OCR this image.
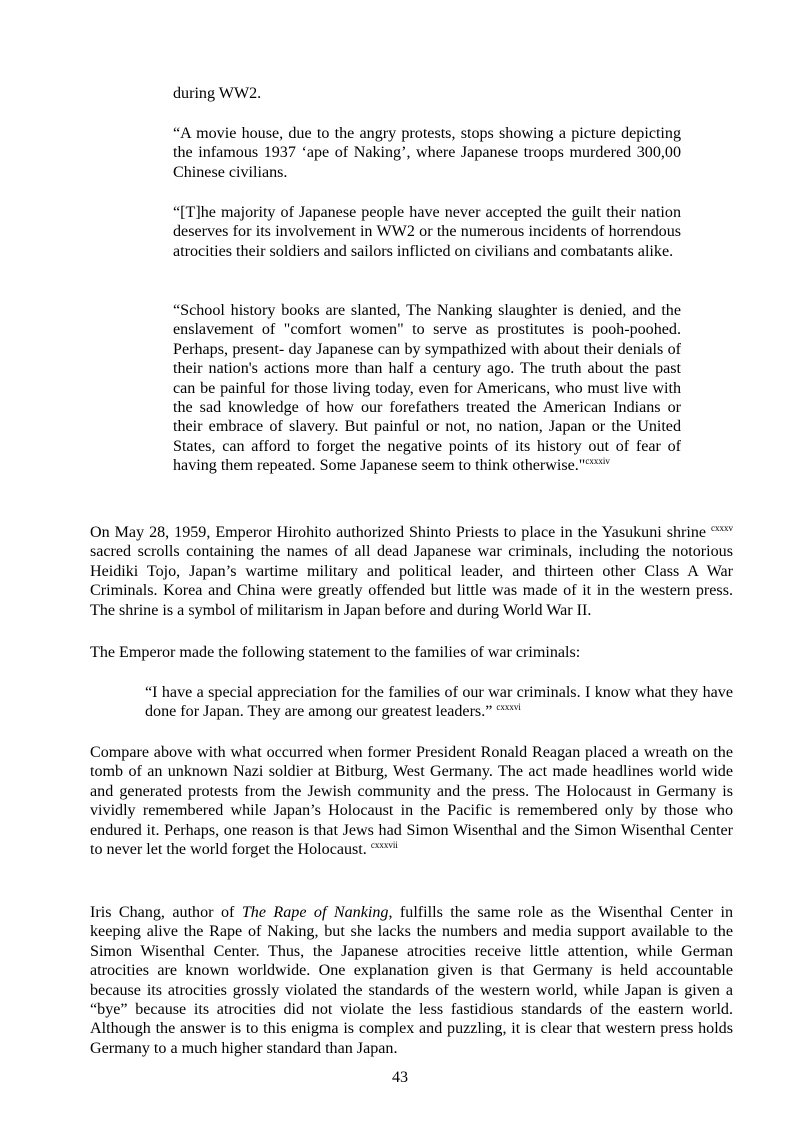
during WW2.

“A movie house, due to the angry protests, stops showing a picture depicting the infamous 1937 ‘ape of Naking’, where Japanese troops murdered 300,00 Chinese civilians.

“[T]he majority of Japanese people have never accepted the guilt their nation deserves for its involvement in WW2 or the numerous incidents of horrendous atrocities their soldiers and sailors inflicted on civilians and combatants alike.

“School history books are slanted, The Nanking slaughter is denied, and the enslavement of "comfort women" to serve as prostitutes is pooh-poohed. Perhaps, present- day Japanese can by sympathized with about their denials of their nation's actions more than half a century ago. The truth about the past can be painful for those living today, even for Americans, who must live with the sad knowledge of how our forefathers treated the American Indians or their embrace of slavery. But painful or not, no nation, Japan or the United States, can afford to forget the negative points of its history out of fear of having them repeated. Some Japanese seem to think otherwise."$^{cxxxiv}$

On May 28, 1959, Emperor Hirohito authorized Shinto Priests to place in the Yasukuni shrine $^{cxxxv}$ sacred scrolls containing the names of all dead Japanese war criminals, including the notorious Heidiki Tojo, Japan’s wartime military and political leader, and thirteen other Class A War Criminals. Korea and China were greatly offended but little was made of it in the western press. The shrine is a symbol of militarism in Japan before and during World War II.

The Emperor made the following statement to the families of war criminals:

“I have a special appreciation for the families of our war criminals. I know what they have done for Japan. They are among our greatest leaders.” $^{cxxxvi}$

Compare above with what occurred when former President Ronald Reagan placed a wreath on the tomb of an unknown Nazi soldier at Bitburg, West Germany. The act made headlines world wide and generated protests from the Jewish community and the press. The Holocaust in Germany is vividly remembered while Japan’s Holocaust in the Pacific is remembered only by those who endured it. Perhaps, one reason is that Jews had Simon Wisenthal and the Simon Wisenthal Center to never let the world forget the Holocaust. $^{cxxxvii}$

Iris Chang, author of The Rape of Nanking, fulfills the same role as the Wisenthal Center in keeping alive the Rape of Naking, but she lacks the numbers and media support available to the Simon Wisenthal Center. Thus, the Japanese atrocities receive little attention, while German atrocities are known worldwide. One explanation given is that Germany is held accountable because its atrocities grossly violated the standards of the western world, while Japan is given a “bye” because its atrocities did not violate the less fastidious standards of the eastern world. Although the answer is to this enigma is complex and puzzling, it is clear that western press holds Germany to a much higher standard than Japan.

43
